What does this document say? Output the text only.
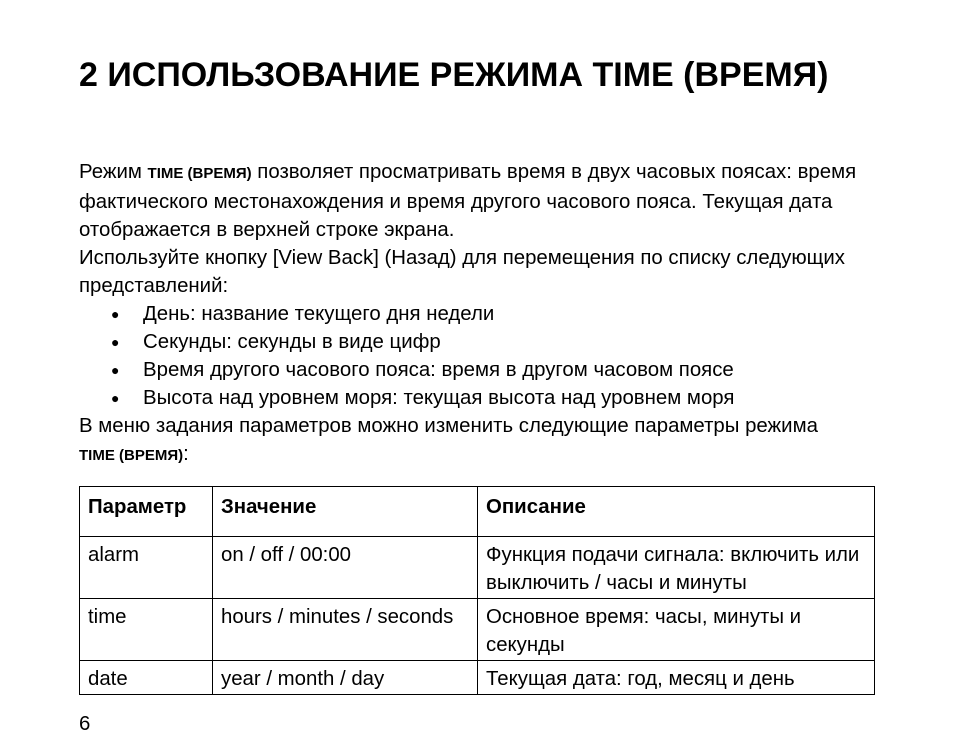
2 ИСПОЛЬЗОВАНИЕ РЕЖИМА TIME (ВРЕМЯ)

Режим TIME (ВРЕМЯ) позволяет просматривать время в двух часовых поясах: время фактического местонахождения и время другого часового пояса. Текущая дата отображается в верхней строке экрана.

Используйте кнопку [View Back] (Назад) для перемещения по списку следующих представлений:

● День: название текущего дня недели
● Секунды: секунды в виде цифр
● Время другого часового пояса: время в другом часовом поясе
● Высота над уровнем моря: текущая высота над уровнем моря

В меню задания параметров можно изменить следующие параметры режима
TIME (ВРЕМЯ):

Параметр	Значение	Описание
alarm	on / off / 00:00	Функция подачи сигнала: включить или выключить / часы и минуты
time	hours / minutes / seconds	Основное время: часы, минуты и секунды
date	year / month / day	Текущая дата: год, месяц и день
6
